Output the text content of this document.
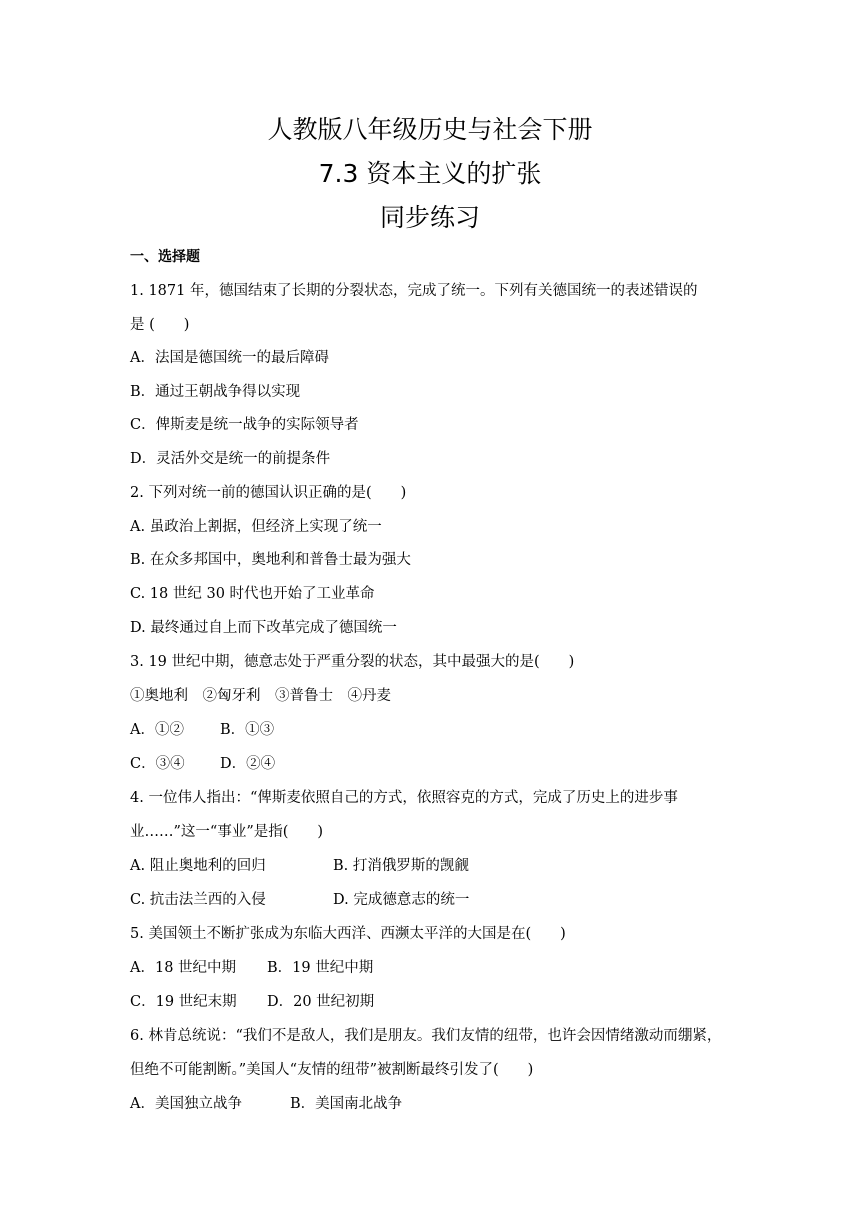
人教版八年级历史与社会下册
7.3 资本主义的扩张
同步练习
一、选择题
1. 1871 年，德国结束了长期的分裂状态，完成了统一。下列有关德国统一的表述错误的
是 (　　)
A．法国是德国统一的最后障碍
B．通过王朝战争得以实现
C．俾斯麦是统一战争的实际领导者
D．灵活外交是统一的前提条件
2. 下列对统一前的德国认识正确的是(　　)
A. 虽政治上割据，但经济上实现了统一
B. 在众多邦国中，奥地利和普鲁士最为强大
C. 18 世纪 30 时代也开始了工业革命
D. 最终通过自上而下改革完成了德国统一
3. 19 世纪中期，德意志处于严重分裂的状态，其中最强大的是(　　)
①奥地利　②匈牙利　③普鲁士　④丹麦
A．①② B．①③
C．③④ D．②④
4. 一位伟人指出：“俾斯麦依照自己的方式，依照容克的方式，完成了历史上的进步事
业……”这一“事业”是指(　　)
A. 阻止奥地利的回归	B. 打消俄罗斯的觊觎
C. 抗击法兰西的入侵	D. 完成德意志的统一
5. 美国领土不断扩张成为东临大西洋、西濒太平洋的大国是在(　　)
A．18 世纪中期 B．19 世纪中期
C．19 世纪末期 D．20 世纪初期
6. 林肯总统说：“我们不是敌人，我们是朋友。我们友情的纽带，也许会因情绪激动而绷紧，
但绝不可能割断。”美国人“友情的纽带”被割断最终引发了(　　)
A．美国独立战争	B．美国南北战争
